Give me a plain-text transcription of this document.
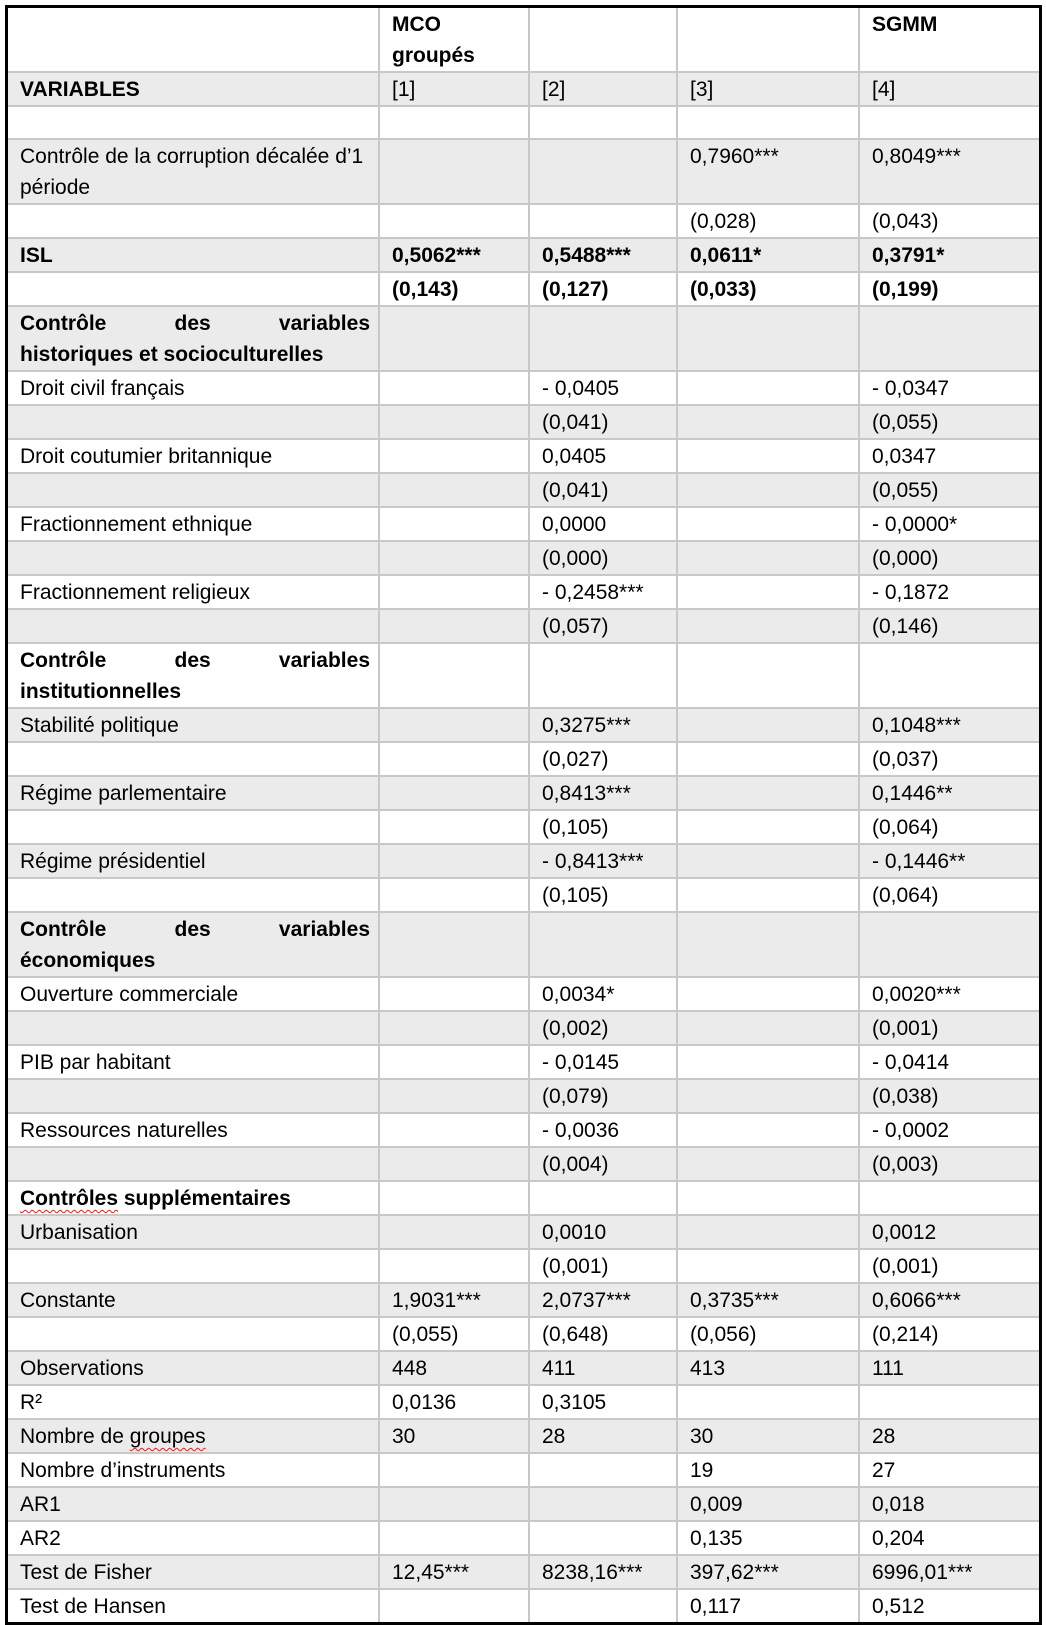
	MCO groupés			SGMM
VARIABLES	[1]	[2]	[3]	[4]

Contrôle de la corruption décalée d’1 période			0,7960***	0,8049***
			(0,028)	(0,043)
ISL	0,5062***	0,5488***	0,0611*	0,3791*
	(0,143)	(0,127)	(0,033)	(0,199)

Contrôle des variables
historiques et socioculturelles				
Droit civil français		- 0,0405		- 0,0347
		(0,041)		(0,055)
Droit coutumier britannique		0,0405		0,0347
		(0,041)		(0,055)
Fractionnement ethnique		0,0000		- 0,0000*
		(0,000)		(0,000)
Fractionnement religieux		- 0,2458***		- 0,1872
		(0,057)		(0,146)

Contrôle des variables
institutionnelles				
Stabilité politique		0,3275***		0,1048***
		(0,027)		(0,037)
Régime parlementaire		0,8413***		0,1446**
		(0,105)		(0,064)
Régime présidentiel		- 0,8413***		- 0,1446**
		(0,105)		(0,064)

Contrôle des variables
économiques				
Ouverture commerciale		0,0034*		0,0020***
		(0,002)		(0,001)
PIB par habitant		- 0,0145		- 0,0414
		(0,079)		(0,038)
Ressources naturelles		- 0,0036		- 0,0002
		(0,004)		(0,003)
Contrôles supplémentaires				
Urbanisation		0,0010		0,0012
		(0,001)		(0,001)
Constante	1,9031***	2,0737***	0,3735***	0,6066***
	(0,055)	(0,648)	(0,056)	(0,214)
Observations	448	411	413	111
R²	0,0136	0,3105		
Nombre de groupes	30	28	30	28
Nombre d’instruments			19	27
AR1			0,009	0,018
AR2			0,135	0,204
Test de Fisher	12,45***	8238,16***	397,62***	6996,01***
Test de Hansen			0,117	0,512
